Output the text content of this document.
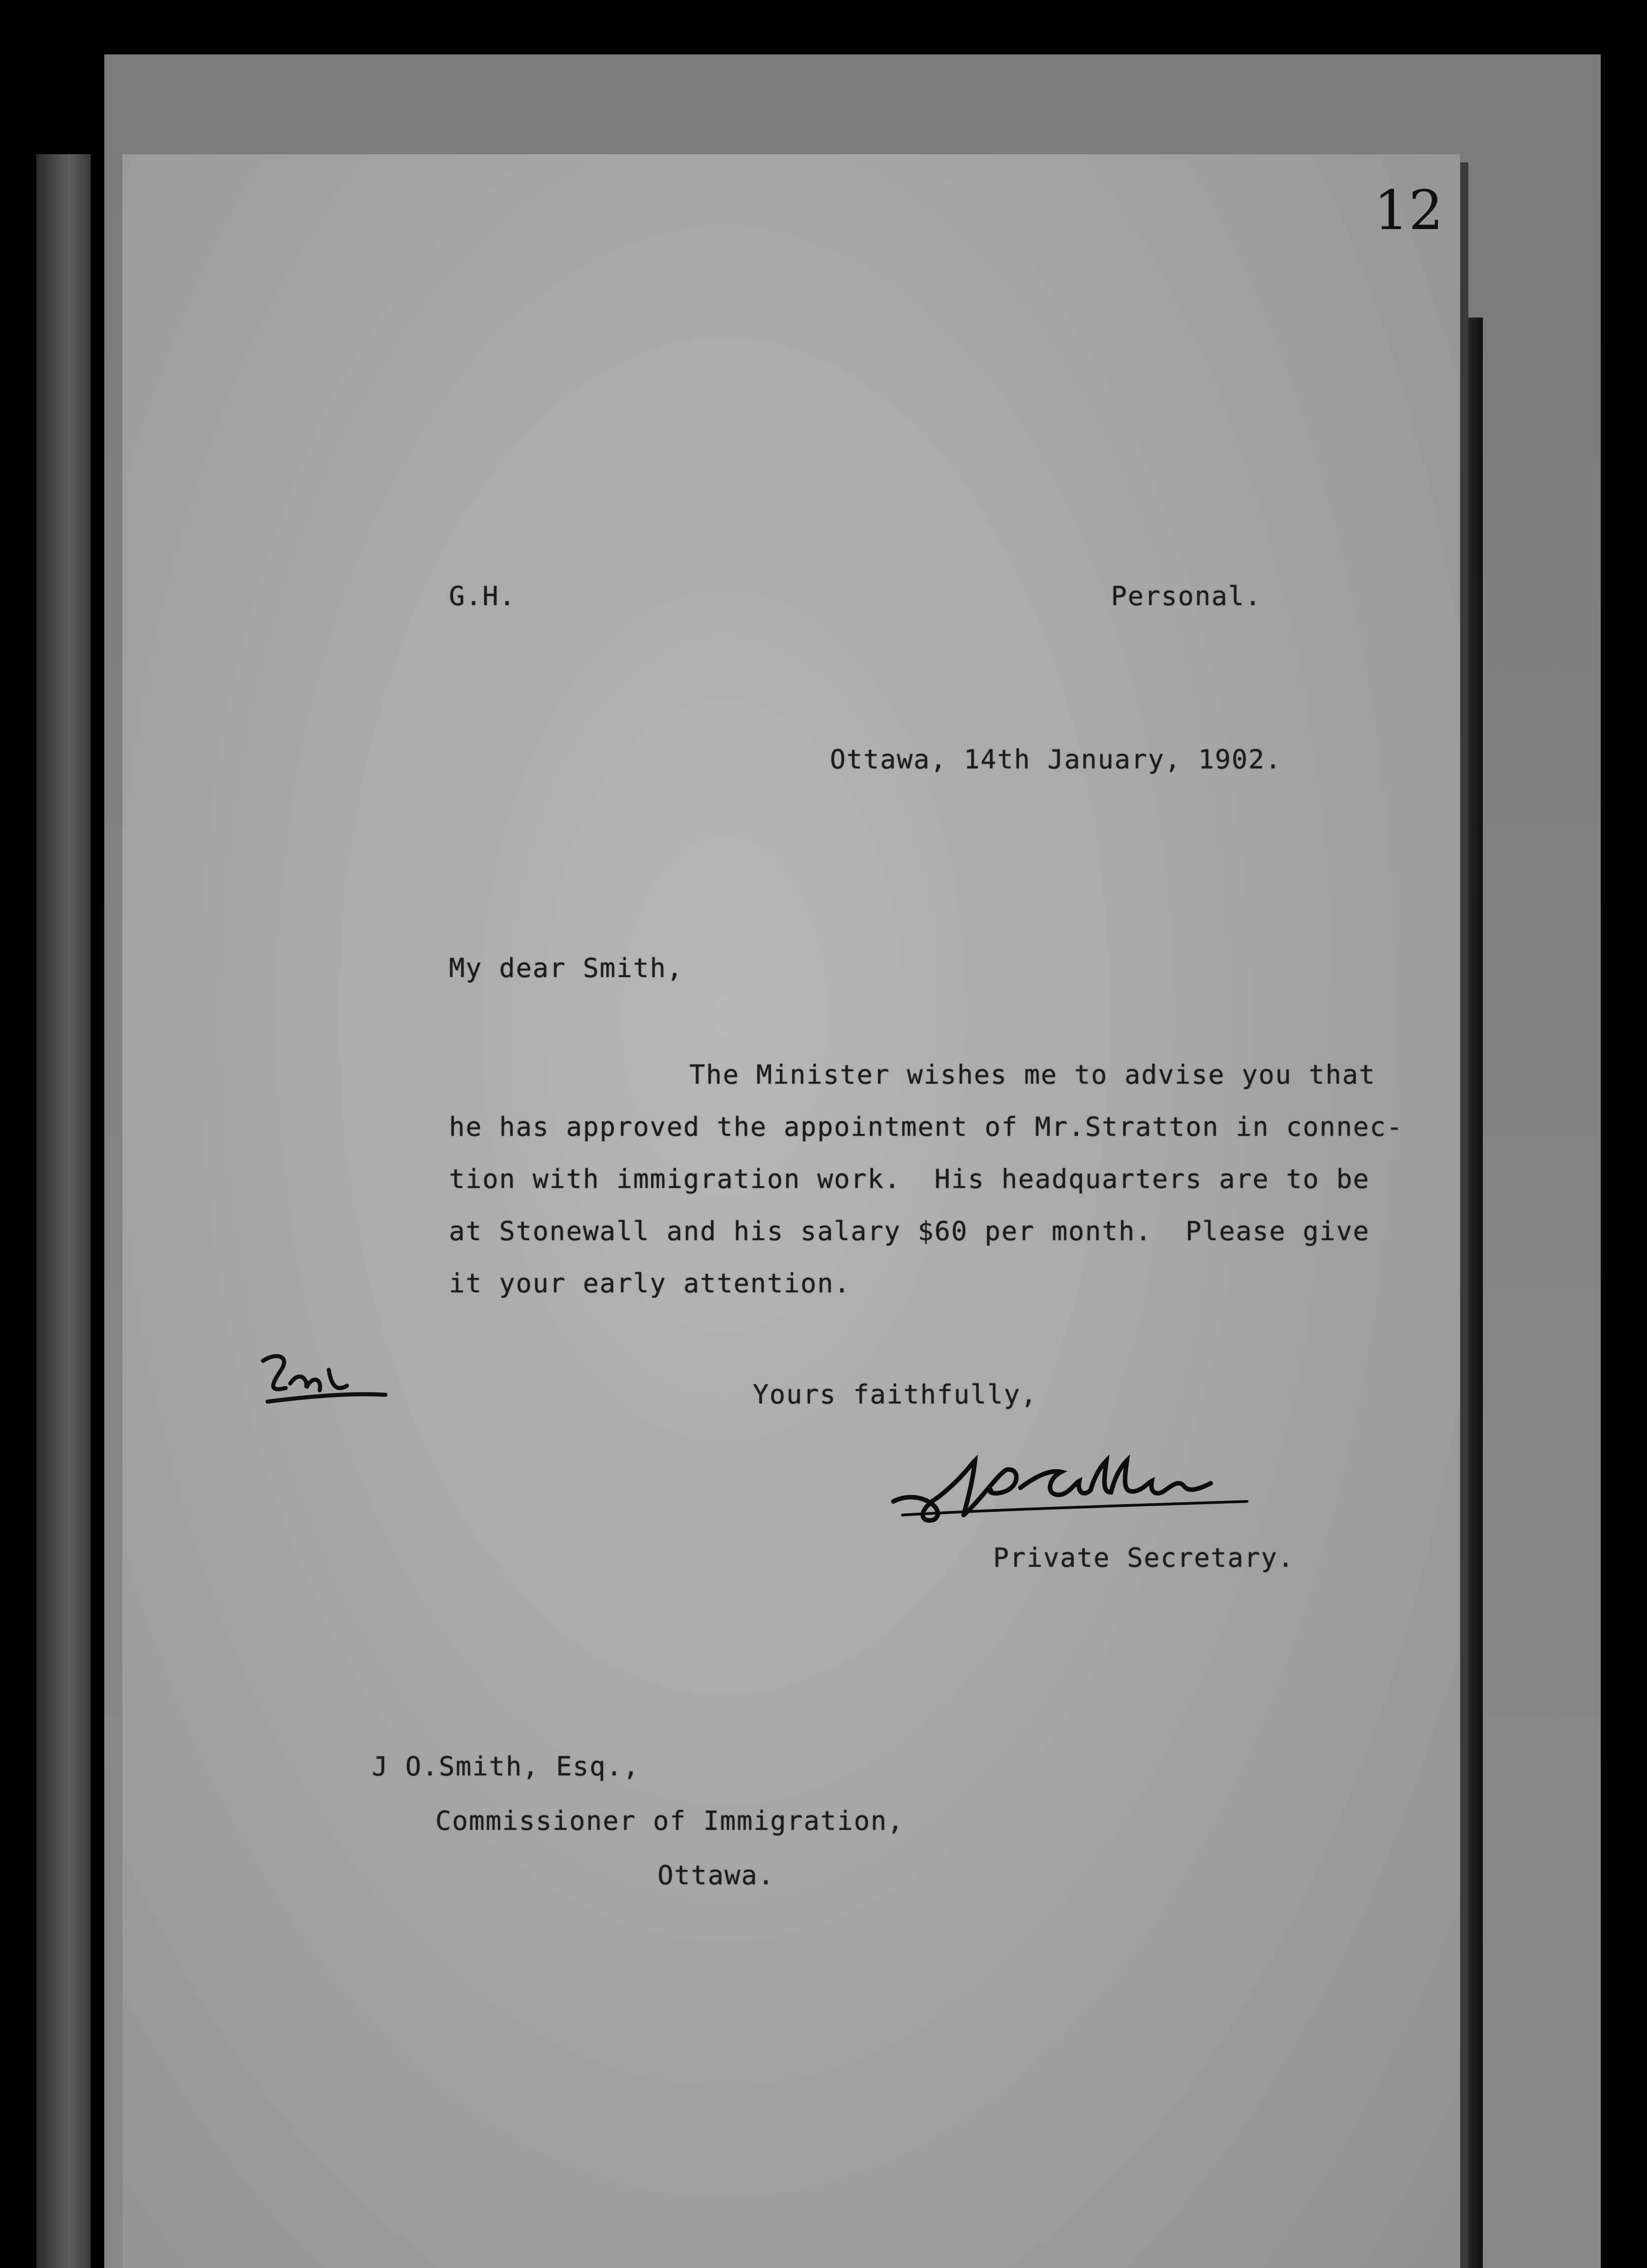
12
G.H.	Personal.
Ottawa, 14th January, 1902.
My dear Smith,
The Minister wishes me to advise you that
he has approved the appointment of Mr.Stratton in connec-
tion with immigration work.  His headquarters are to be
at Stonewall and his salary $60 per month.  Please give
it your early attention.
Yours faithfully,
Private Secretary.
J O.Smith, Esq.,
Commissioner of Immigration,
Ottawa.
